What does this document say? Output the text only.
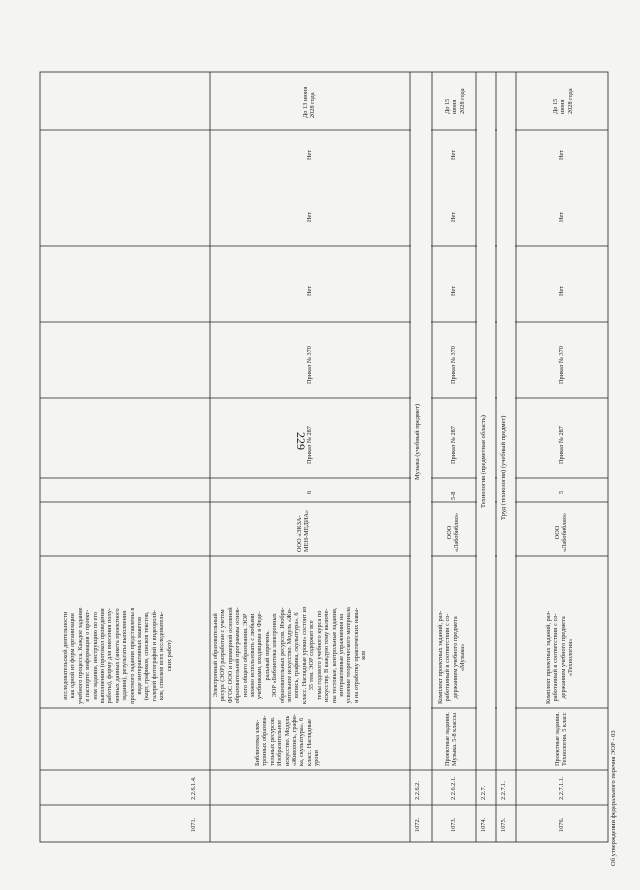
229
1071.
2.2.6.1.4.
Библиотека элек- тронных образова- тельных ресурсов. Изобразительное искусство. Модуль «Живопись, графи- ка, скульптура». 6 класс. Наглядные уроки
исследовательской деятельности как одной из форм организации учебного процесса. Каждое задание в паспорте: информация о проект- ном задании, инструкцию по его выполнению (протокол проведения работы), форму для внесения полу- ченных данных (анкета проектного задания), результаты выполнения проектного задания представлены в виде интерактивных макетов (карт, графиков, списков текстов, галерей фотографий и видеоролй- ков, списков всех исследователь- ских работ)	Электронный образовательный ресурс (ЭОР) разработан с учетом ФГОС ООО и примерной основной образовательной программы основ- ного общего образования. ЭОР можно использовать с любыми учебниками, входящими в Феде- ральный перечень. ЭОР «Библиотека электронных образовательных ресурсов. Изобра- зительное искусство. Модуль «Жи- вопись, графика, скульптура». 6 класс. Наглядные уроки» состоит из 35 тем. ЭОР содержит все темы годового учебного курса по искусству. В каждую тему включе- ны тестовые, контрольные задания, интерактивные упражнения на усвоение теоретического материала и на отработку практических навы- ков
ООО «ЭКЗА- МЕН-МЕДИА»
6
Приказ № 287
Приказ № 370
Нет
Нет
Нет
До 13 июня 2028 года
1072.
2.2.6.2.
Музыка (учебный предмет)
1073.
2.2.6.2.1.
Проектные задания. Музыка. 5-8 классы
Комплект проектных заданий, раз- работанный в соответствии с со- держанием учебного предмета «Музыка»
ООО «Лабобиблио»
5-8
Приказ № 287
Приказ № 370
Нет
Нет
Нет
До 15 июня 2028 года
1074.
2.2.7.
Технология (предметная область)
1075.
2.2.7.1.
Труд (технология) (учебный предмет)
1076.
2.2.7.1.1.
Проектные задания. Технология. 5 класс
Комплект проектных заданий, раз- работанный в соответствии с со- держанием учебного предмета «Технология»
ООО «Лабобиблио»
5
Приказ № 287
Приказ № 370
Нет
Нет
Нет
До 15 июня 2028 года
Об утверждении федерального перечня ЭОР - 03
